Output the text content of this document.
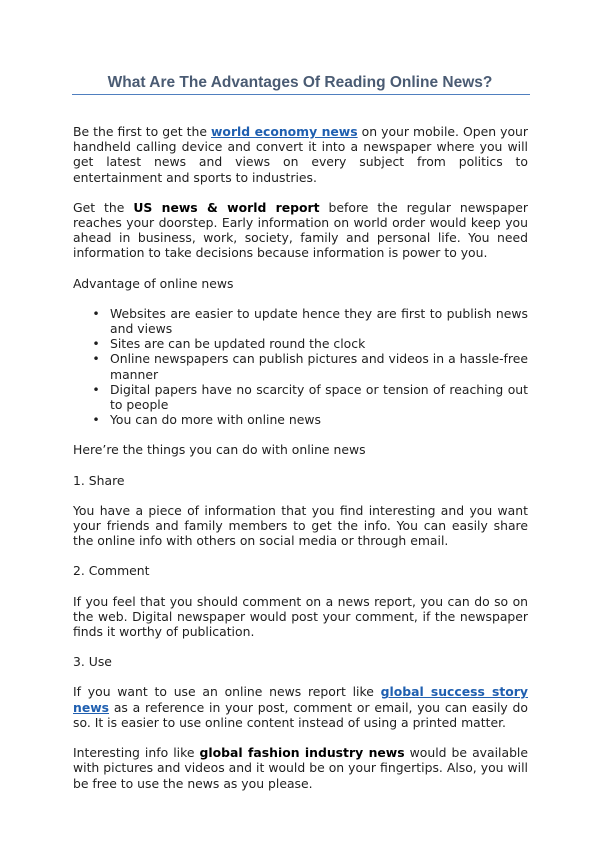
What Are The Advantages Of Reading Online News?

Be the first to get the world economy news on your mobile. Open your handheld calling device and convert it into a newspaper where you will get latest news and views on every subject from politics to entertainment and sports to industries.

Get the US news & world report before the regular newspaper reaches your doorstep. Early information on world order would keep you ahead in business, work, society, family and personal life. You need information to take decisions because information is power to you.

Advantage of online news

• Websites are easier to update hence they are first to publish news and views
• Sites are can be updated round the clock
• Online newspapers can publish pictures and videos in a hassle-free manner
• Digital papers have no scarcity of space or tension of reaching out to people
• You can do more with online news

Here’re the things you can do with online news

1. Share

You have a piece of information that you find interesting and you want your friends and family members to get the info. You can easily share the online info with others on social media or through email.

2. Comment

If you feel that you should comment on a news report, you can do so on the web. Digital newspaper would post your comment, if the newspaper finds it worthy of publication.

3. Use

If you want to use an online news report like global success story news as a reference in your post, comment or email, you can easily do so. It is easier to use online content instead of using a printed matter.

Interesting info like global fashion industry news would be available with pictures and videos and it would be on your fingertips. Also, you will be free to use the news as you please.
